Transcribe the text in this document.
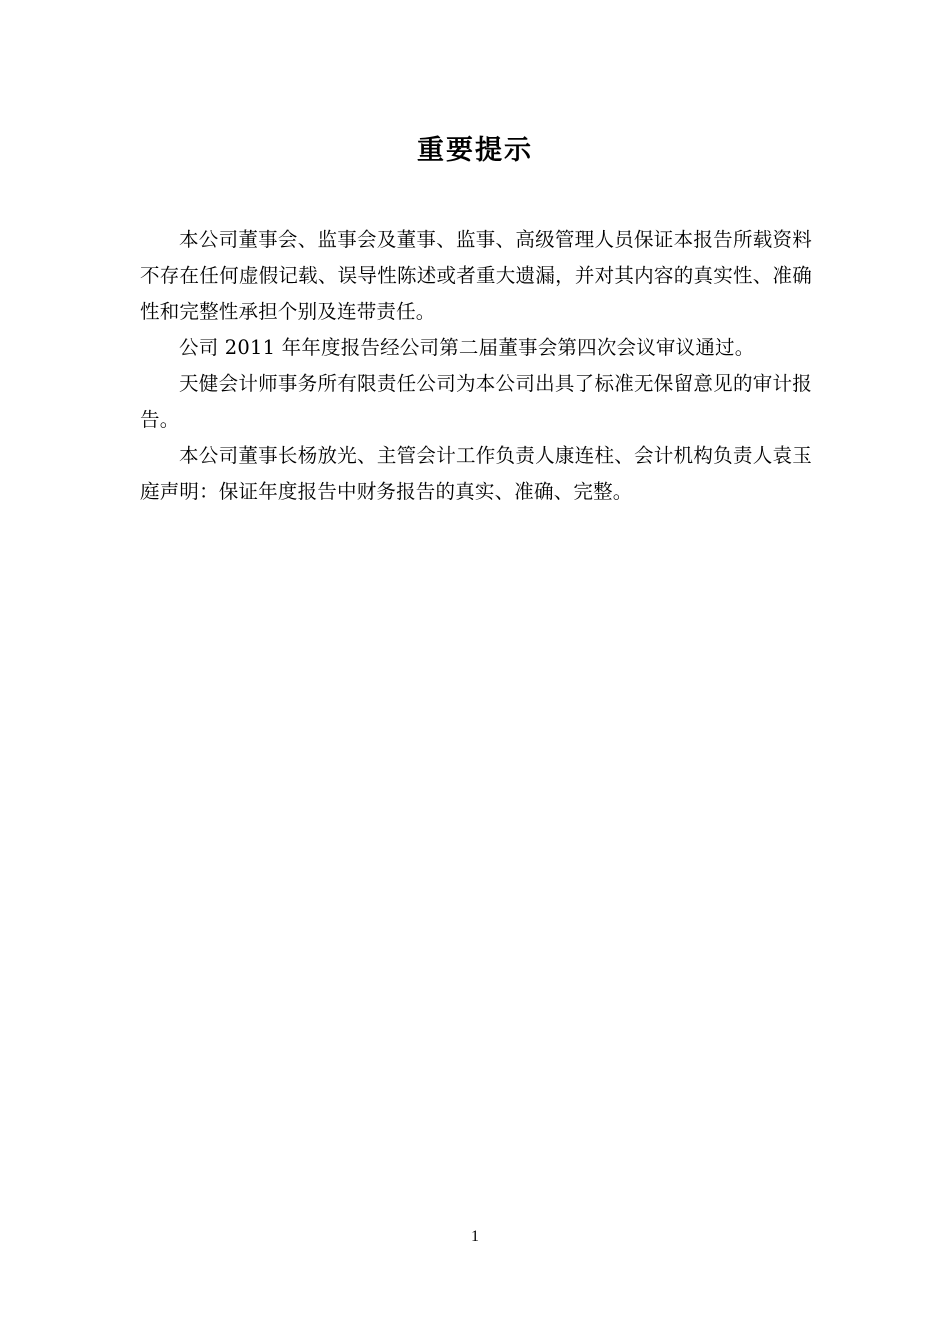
重要提示

本公司董事会、监事会及董事、监事、高级管理人员保证本报告所载资料不存在任何虚假记载、误导性陈述或者重大遗漏，并对其内容的真实性、准确性和完整性承担个别及连带责任。

公司 2011 年年度报告经公司第二届董事会第四次会议审议通过。

天健会计师事务所有限责任公司为本公司出具了标准无保留意见的审计报告。

本公司董事长杨放光、主管会计工作负责人康连柱、会计机构负责人袁玉庭声明：保证年度报告中财务报告的真实、准确、完整。

1
